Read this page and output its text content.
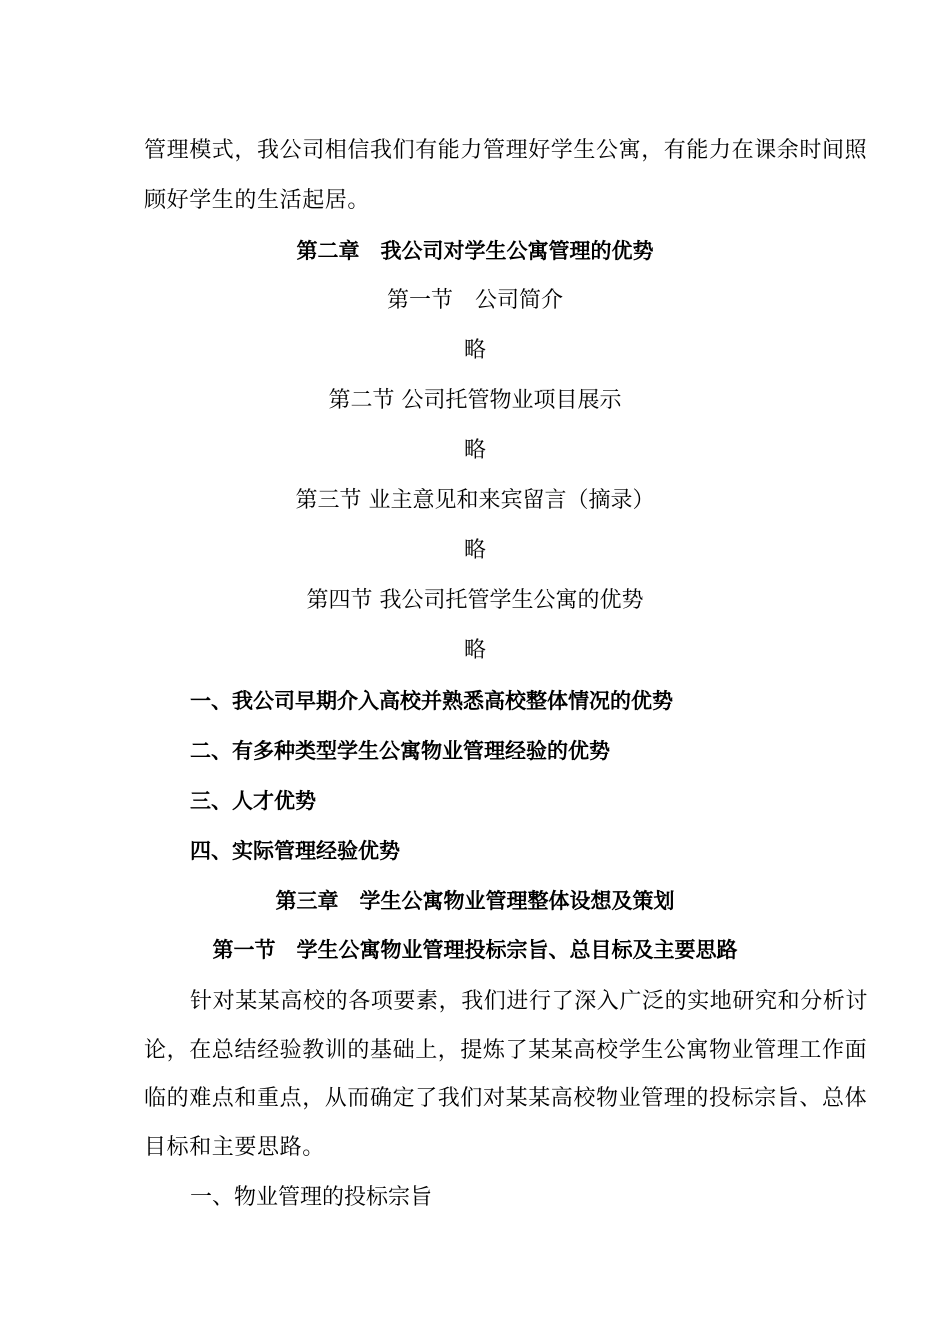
管理模式，我公司相信我们有能力管理好学生公寓，有能力在课余时间照
顾好学生的生活起居。
第二章　我公司对学生公寓管理的优势
第一节　公司简介
略
第二节 公司托管物业项目展示
略
第三节 业主意见和来宾留言（摘录）
略
第四节 我公司托管学生公寓的优势
略
一、我公司早期介入高校并熟悉高校整体情况的优势
二、有多种类型学生公寓物业管理经验的优势
三、人才优势
四、实际管理经验优势
第三章　学生公寓物业管理整体设想及策划
第一节　学生公寓物业管理投标宗旨、总目标及主要思路
针对某某高校的各项要素，我们进行了深入广泛的实地研究和分析讨
论，在总结经验教训的基础上，提炼了某某高校学生公寓物业管理工作面
临的难点和重点，从而确定了我们对某某高校物业管理的投标宗旨、总体
目标和主要思路。
一、物业管理的投标宗旨
